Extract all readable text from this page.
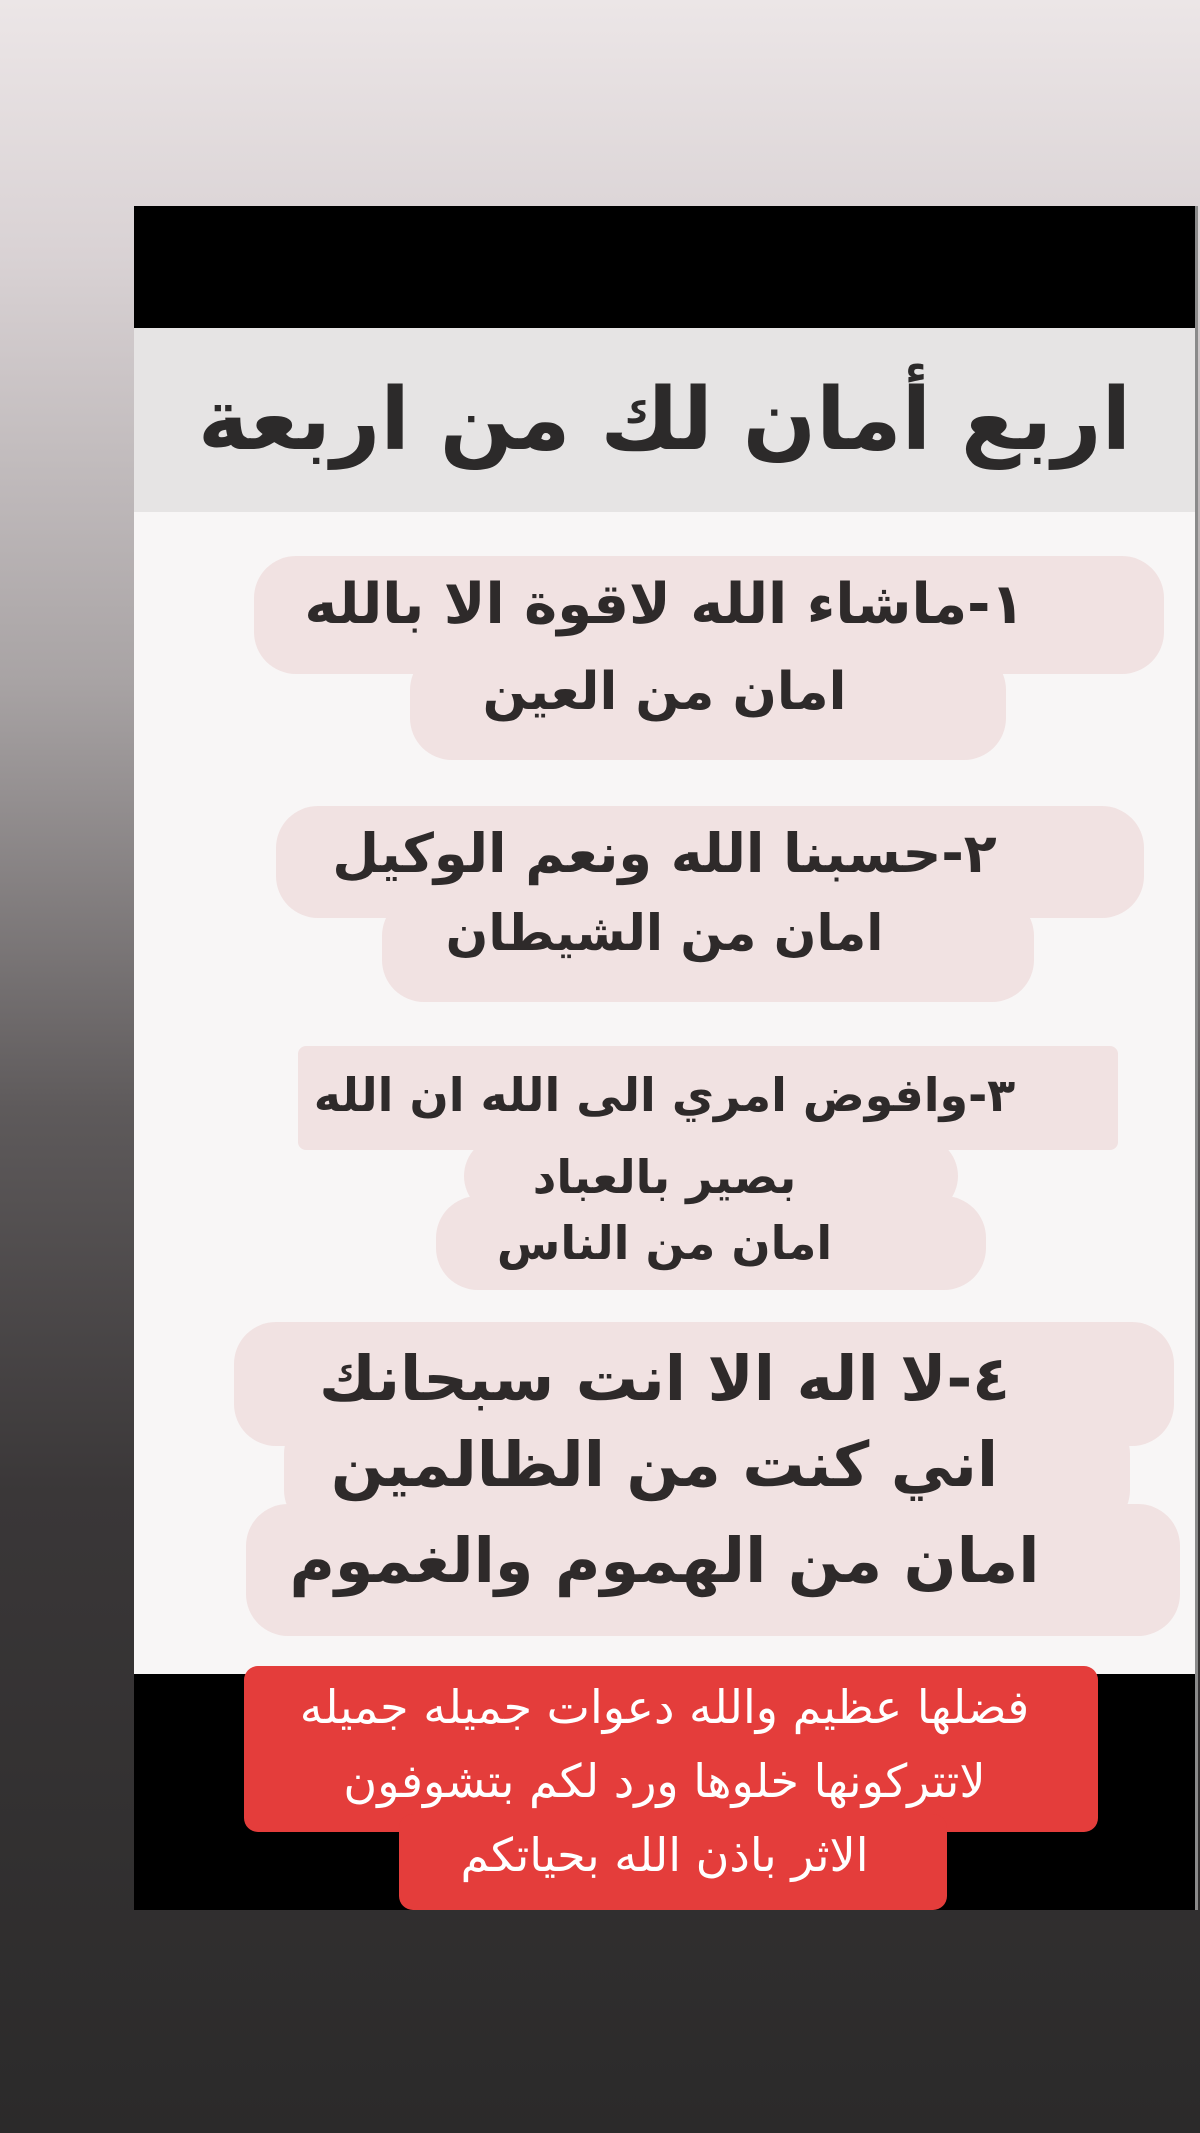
اربع أمان لك من اربعة
١-ماشاء الله لاقوة الا بالله
امان من العين
٢-حسبنا الله ونعم الوكيل
امان من الشيطان
٣-وافوض امري الى الله ان الله
بصير بالعباد
امان من الناس
٤-لا اله الا انت سبحانك
اني كنت من الظالمين
امان من الهموم والغموم
فضلها عظيم والله دعوات جميله جميله
لاتتركونها خلوها ورد لكم بتشوفون
الاثر باذن الله بحياتكم
